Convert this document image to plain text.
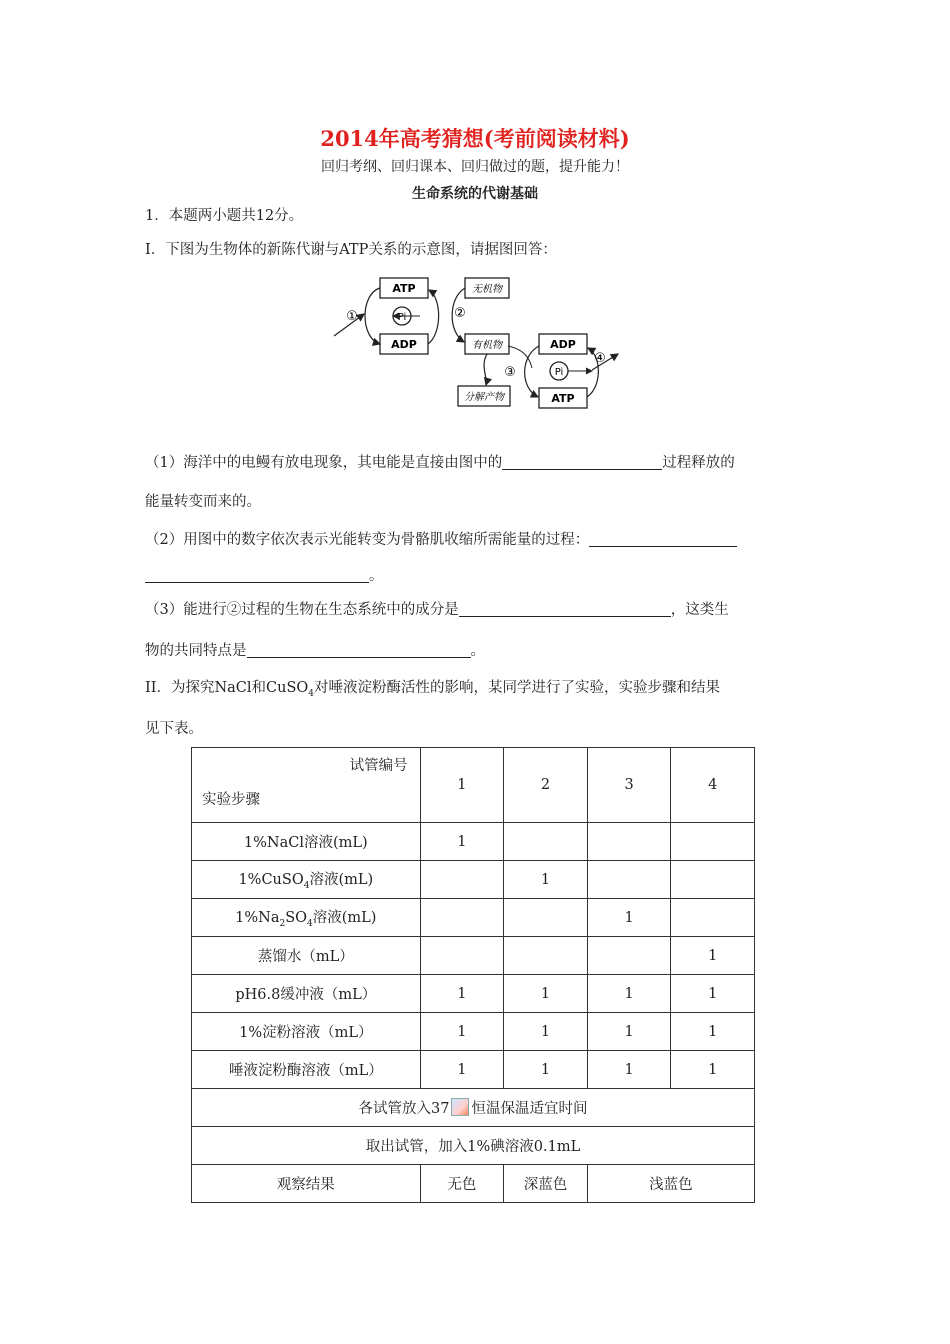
2014年高考猜想(考前阅读材料)
回归考纲、回归课本、回归做过的题，提升能力！
生命系统的代谢基础
1．本题两小题共12分。
I．下图为生物体的新陈代谢与ATP关系的示意图，请据图回答：
ATP
ADP
Pi
①
无机物
有机物
②
ADP
ATP
Pi
④
分解产物
③
（1）海洋中的电鳗有放电现象，其电能是直接由图中的	过程释放的
能量转变而来的。
（2）用图中的数字依次表示光能转变为骨骼肌收缩所需能量的过程：
。
（3）能进行②过程的生物在生态系统中的成分是	，这类生
物的共同特点是	。
II．为探究NaCl和CuSO$_4$对唾液淀粉酶活性的影响，某同学进行了实验，实验步骤和结果
见下表。
试管编号
实验步骤	1	2	3	4
1%NaCl溶液(mL)	1			
1%CuSO$_4$溶液(mL)		1		
$1\%Na_2SO_4$溶液(mL)			1	
蒸馏水（mL）				1
pH6.8缓冲液（mL）	1	1	1	1
1%淀粉溶液（mL）	1	1	1	1
唾液淀粉酶溶液（mL）	1	1	1	1
各试管放入37 恒温保温适宜时间				
取出试管，加入1%碘溶液0.1mL				
观察结果	无色	深蓝色	浅蓝色	
